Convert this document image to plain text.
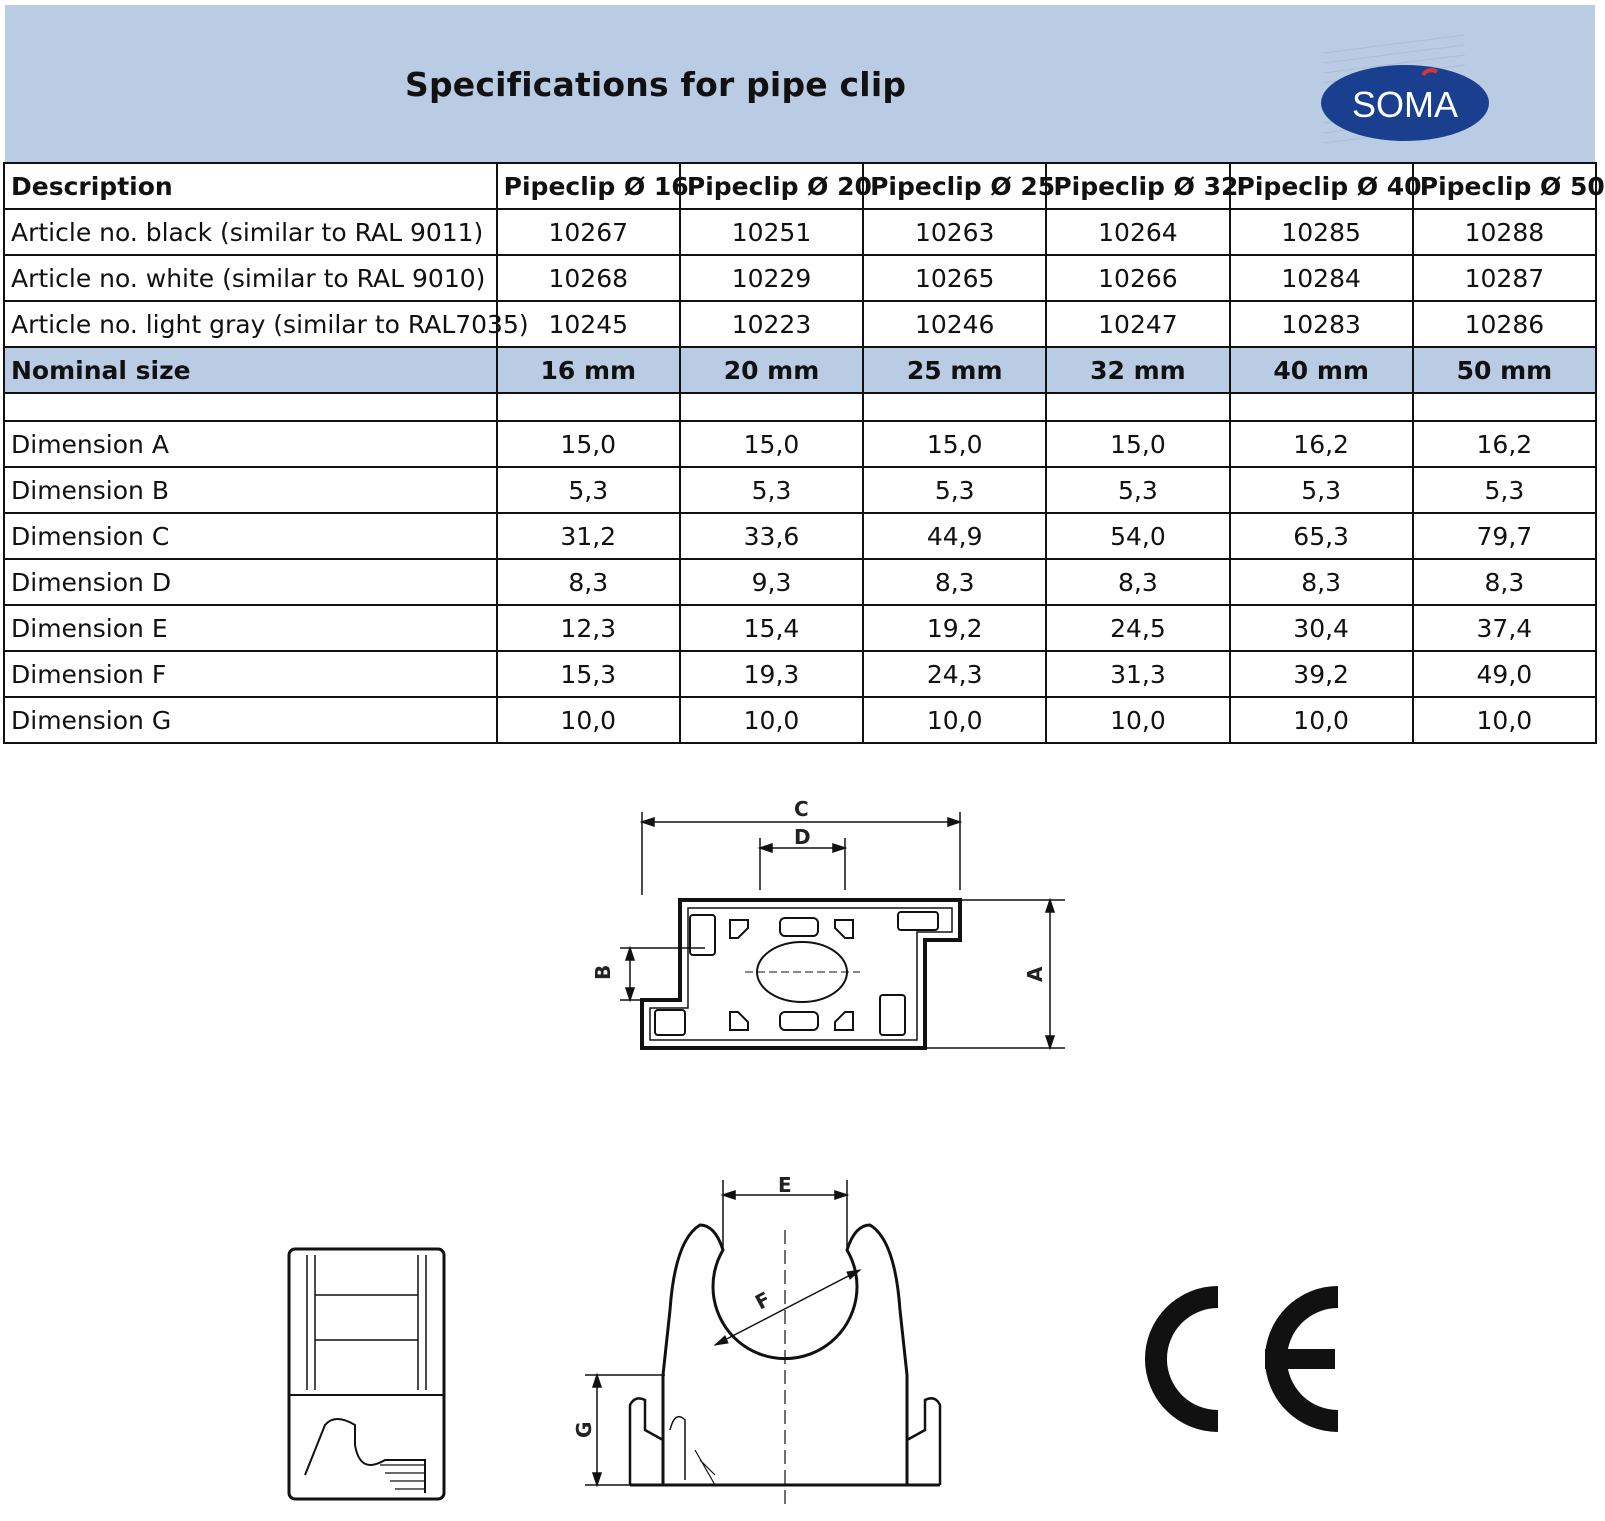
Specifications for pipe clip	SOMA
Description	Pipeclip Ø 16	Pipeclip Ø 20	Pipeclip Ø 25	Pipeclip Ø 32	Pipeclip Ø 40	Pipeclip Ø 50
Article no. black (similar to RAL 9011)	10267	10251	10263	10264	10285	10288
Article no. white (similar to RAL 9010)	10268	10229	10265	10266	10284	10287
Article no. light gray (similar to RAL7035)	10245	10223	10246	10247	10283	10286
Nominal size	16 mm	20 mm	25 mm	32 mm	40 mm	50 mm

Dimension A	15,0	15,0	15,0	15,0	16,2	16,2
Dimension B	5,3	5,3	5,3	5,3	5,3	5,3
Dimension C	31,2	33,6	44,9	54,0	65,3	79,7
Dimension D	8,3	9,3	8,3	8,3	8,3	8,3
Dimension E	12,3	15,4	19,2	24,5	30,4	37,4
Dimension F	15,3	19,3	24,3	31,3	39,2	49,0
Dimension G	10,0	10,0	10,0	10,0	10,0	10,0
C
D
B	A
E
F
G
CE
